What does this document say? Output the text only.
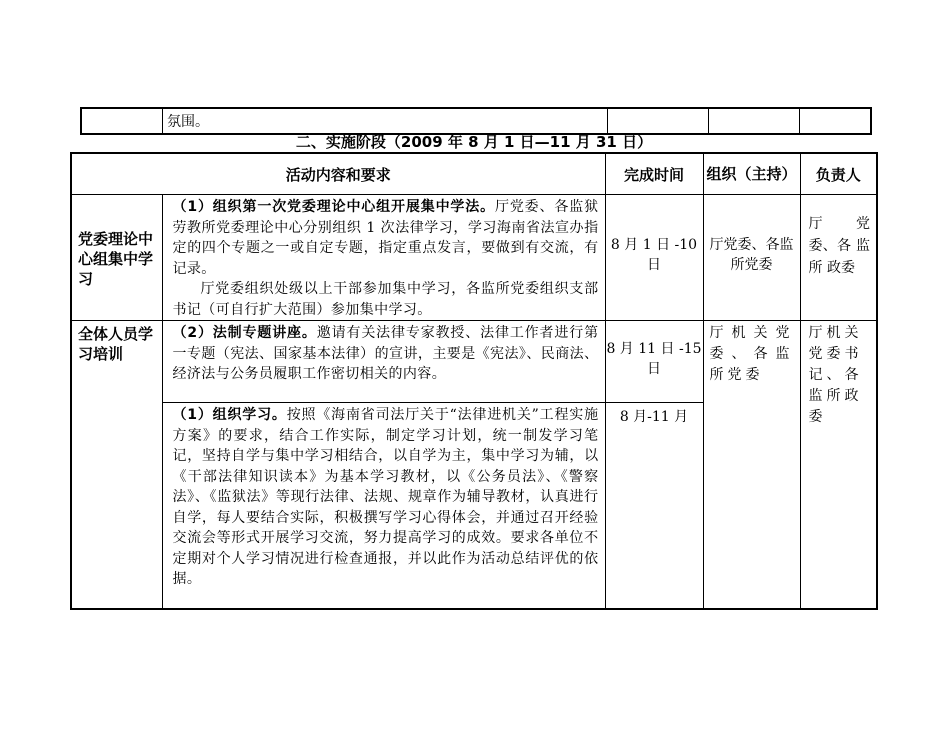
	氛围。			
二、实施阶段（2009 年 8 月 1 日—11 月 31 日）
活动内容和要求		完成时间	组织（主持）	负责人
党委理论中心组集中学习	（1）组织第一次党委理论中心组开展集中学法。厅党委、各监狱劳教所党委理论中心分别组织 1 次法律学习，学习海南省法宣办指定的四个专题之一或自定专题，指定重点发言，要做到有交流，有记录。
厅党委组织处级以上干部参加集中学习，各监所党委组织支部书记（可自行扩大范围）参加集中学习。	8 月 1 日 -10 日	厅党委、各监所党委	厅　党委、各 监 所 政委
全体人员学习培训	（2）法制专题讲座。邀请有关法律专家教授、法律工作者进行第一专题（宪法、国家基本法律）的宣讲，主要是《宪法》、民商法、经济法与公务员履职工作密切相关的内容。	8 月 11 日 -15 日	厅机关党委、各监所党委	厅机关党委书记、各监所政委
	（1）组织学习。按照《海南省司法厅关于“法律进机关”工程实施方案》的要求，结合工作实际，制定学习计划，统一制发学习笔记，坚持自学与集中学习相结合，以自学为主，集中学习为辅，以《干部法律知识读本》为基本学习教材，以《公务员法》、《警察法》、《监狱法》等现行法律、法规、规章作为辅导教材，认真进行自学，每人要结合实际，积极撰写学习心得体会，并通过召开经验交流会等形式开展学习交流，努力提高学习的成效。要求各单位不定期对个人学习情况进行检查通报，并以此作为活动总结评优的依据。	8 月-11 月		
